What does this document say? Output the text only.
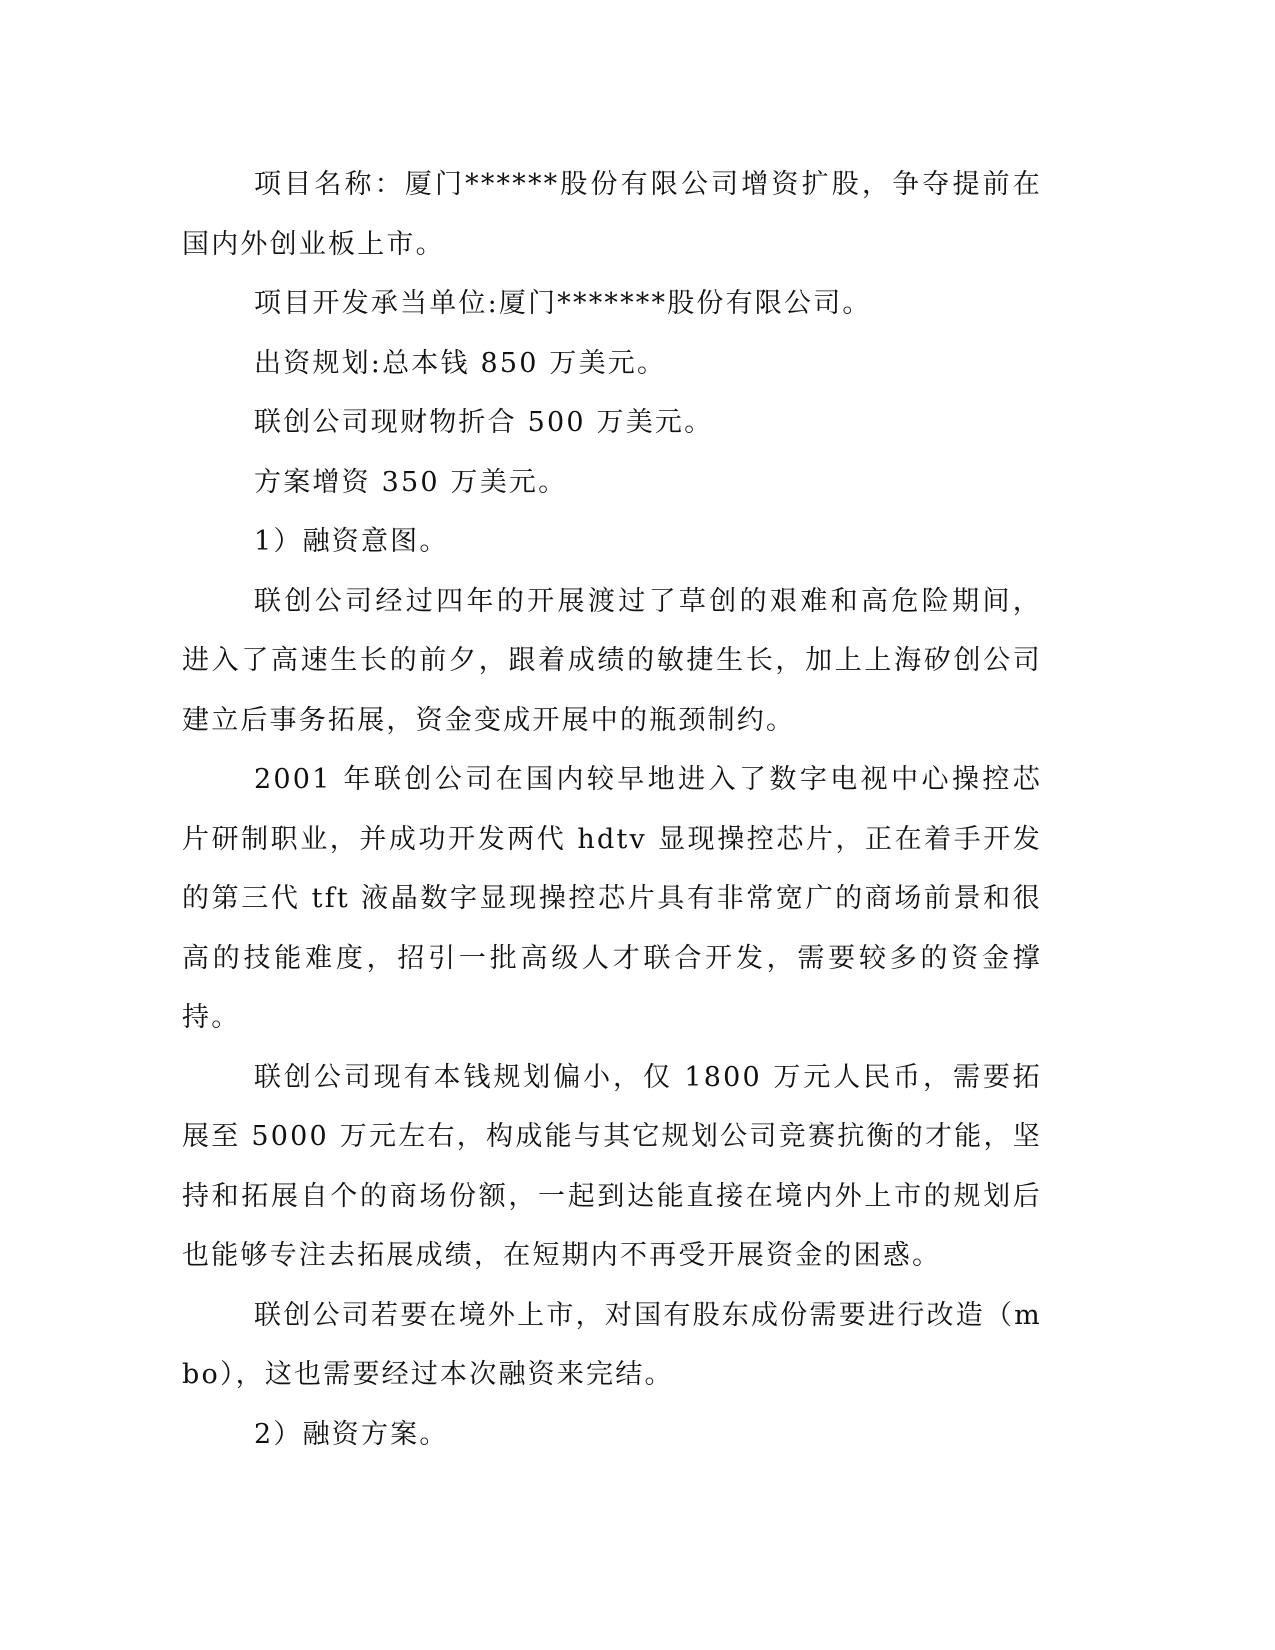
项目名称：厦门******股份有限公司增资扩股，争夺提前在国内外创业板上市。

项目开发承当单位:厦门*******股份有限公司。

出资规划:总本钱 850 万美元。

联创公司现财物折合 500 万美元。

方案增资 350 万美元。

1）融资意图。

联创公司经过四年的开展渡过了草创的艰难和高危险期间，进入了高速生长的前夕，跟着成绩的敏捷生长，加上上海矽创公司建立后事务拓展，资金变成开展中的瓶颈制约。

2001 年联创公司在国内较早地进入了数字电视中心操控芯片研制职业，并成功开发两代 hdtv 显现操控芯片，正在着手开发的第三代 tft 液晶数字显现操控芯片具有非常宽广的商场前景和很高的技能难度，招引一批高级人才联合开发，需要较多的资金撑持。

联创公司现有本钱规划偏小，仅 1800 万元人民币，需要拓展至 5000 万元左右，构成能与其它规划公司竞赛抗衡的才能，坚持和拓展自个的商场份额，一起到达能直接在境内外上市的规划后也能够专注去拓展成绩，在短期内不再受开展资金的困惑。

联创公司若要在境外上市，对国有股东成份需要进行改造（mbo），这也需要经过本次融资来完结。

2）融资方案。
